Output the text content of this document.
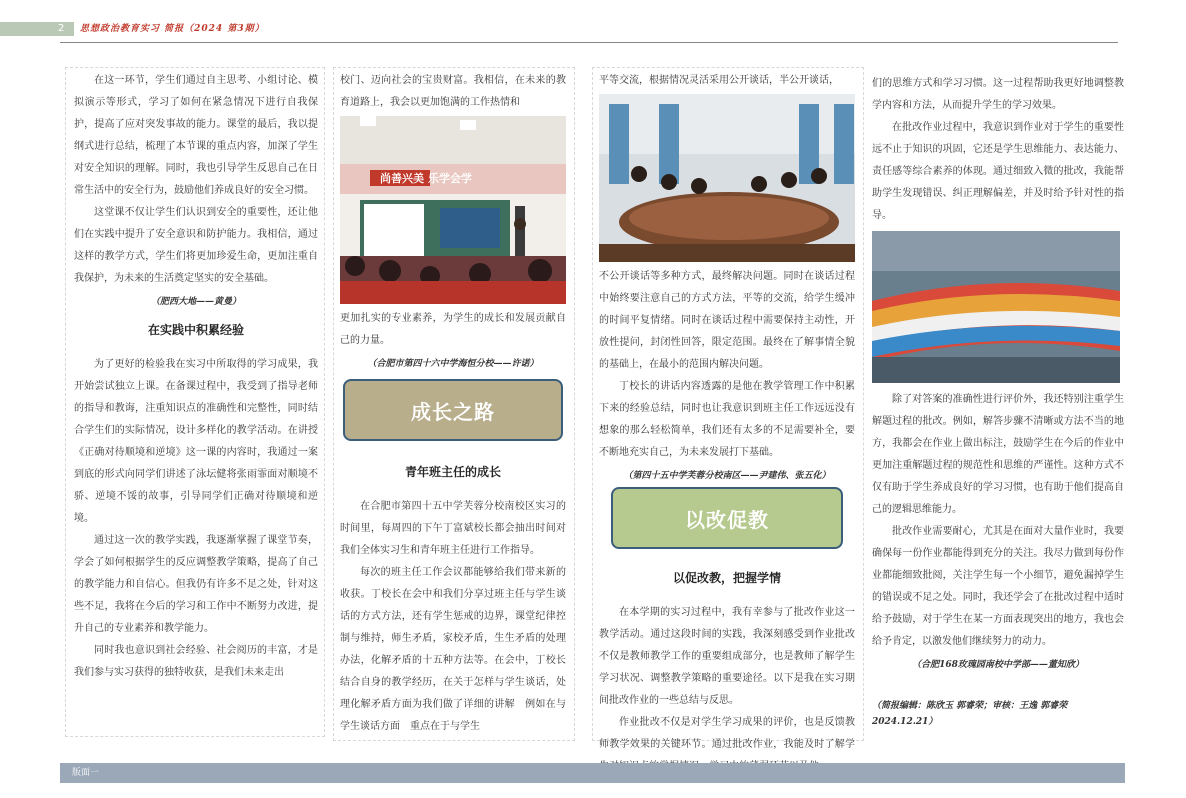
2 思想政治教育实习 简报（2024 第3期）

在这一环节，学生们通过自主思考、小组讨论、模拟演示等形式，学习了如何在紧急情况下进行自我保护，提高了应对突发事故的能力。课堂的最后，我以提纲式进行总结，梳理了本节课的重点内容，加深了学生对安全知识的理解。同时，我也引导学生反思自己在日常生活中的安全行为，鼓励他们养成良好的安全习惯。

这堂课不仅让学生们认识到安全的重要性，还让他们在实践中提升了安全意识和防护能力。我相信，通过这样的教学方式，学生们将更加珍爱生命，更加注重自我保护，为未来的生活奠定坚实的安全基础。

（肥西大地——黄曼）

在实践中积累经验

为了更好的检验我在实习中所取得的学习成果，我开始尝试独立上课。在备课过程中，我受到了指导老师的指导和教诲，注重知识点的准确性和完整性，同时结合学生们的实际情况，设计多样化的教学活动。在讲授《正确对待顺境和逆境》这一课的内容时，我通过一案到底的形式向同学们讲述了泳坛健将张雨霏面对顺境不骄、逆境不馁的故事，引导同学们正确对待顺境和逆境。

通过这一次的教学实践，我逐渐掌握了课堂节奏，学会了如何根据学生的反应调整教学策略，提高了自己的教学能力和自信心。但我仍有许多不足之处，针对这些不足，我将在今后的学习和工作中不断努力改进，提升自己的专业素养和教学能力。

同时我也意识到社会经验、社会阅历的丰富，才是我们参与实习获得的独特收获，是我们未来走出

校门、迈向社会的宝贵财富。我相信，在未来的教育道路上，我会以更加饱满的工作热情和

尚善兴美 乐学会学

更加扎实的专业素养，为学生的成长和发展贡献自己的力量。

（合肥市第四十六中学海恒分校——许诺）

成长之路
青年班主任的成长

在合肥市第四十五中学芙蓉分校南校区实习的时间里，每周四的下午丁富斌校长都会抽出时间对我们全体实习生和青年班主任进行工作指导。

每次的班主任工作会议都能够给我们带来新的收获。丁校长在会中和我们分享过班主任与学生谈话的方式方法，还有学生惩戒的边界，课堂纪律控制与维持，师生矛盾，家校矛盾，生生矛盾的处理办法，化解矛盾的十五种方法等。在会中，丁校长结合自身的教学经历，在关于怎样与学生谈话，处理化解矛盾方面为我们做了详细的讲解　例如在与学生谈话方面　重点在于与学生

平等交流，根据情况灵活采用公开谈话，半公开谈话，

不公开谈话等多种方式，最终解决问题。同时在谈话过程中始终要注意自己的方式方法，平等的交流，给学生缓冲的时间平复情绪。同时在谈话过程中需要保持主动性，开放性提问，封闭性回答，限定范围。最终在了解事情全貌的基础上，在最小的范围内解决问题。

丁校长的讲话内容透露的是他在教学管理工作中积累下来的经验总结，同时也让我意识到班主任工作远远没有想象的那么轻松简单，我们还有太多的不足需要补全，要不断地充实自己，为未来发展打下基础。

（第四十五中学芙蓉分校南区——尹建伟、张五化）

以改促教
以促改教，把握学情

在本学期的实习过程中，我有幸参与了批改作业这一教学活动。通过这段时间的实践，我深刻感受到作业批改不仅是教师教学工作的重要组成部分，也是教师了解学生学习状况、调整教学策略的重要途径。以下是我在实习期间批改作业的一些总结与反思。

作业批改不仅是对学生学习成果的评价，也是反馈教师教学效果的关键环节。通过批改作业，我能及时了解学

们的思维方式和学习习惯。这一过程帮助我更好地调整教学内容和方法，从而提升学生的学习效果。

在批改作业过程中，我意识到作业对于学生的重要性远不止于知识的巩固，它还是学生思维能力、表达能力、责任感等综合素养的体现。通过细致入微的批改，我能帮助学生发现错误、纠正理解偏差，并及时给予针对性的指导。

除了对答案的准确性进行评价外，我还特别注重学生解题过程的批改。例如，解答步骤不清晰或方法不当的地方，我都会在作业上做出标注，鼓励学生在今后的作业中更加注重解题过程的规范性和思维的严谨性。这种方式不仅有助于学生养成良好的学习习惯，也有助于他们提高自己的逻辑思维能力。

批改作业需要耐心，尤其是在面对大量作业时，我要确保每一份作业都能得到充分的关注。我尽力做到每份作业都能细致批阅，关注学生每一个小细节，避免漏掉学生的错误或不足之处。同时，我还学会了在批改过程中适时给予鼓励，对于学生在某一方面表现突出的地方，我也会给予肯定，以激发他们继续努力的动力。

（合肥168玫瑰园南校中学部——董知欣）

（简报编辑：陈欣玉 郭睿荣；审核：王逸 郭睿荣
2024.12.21）
版面一
